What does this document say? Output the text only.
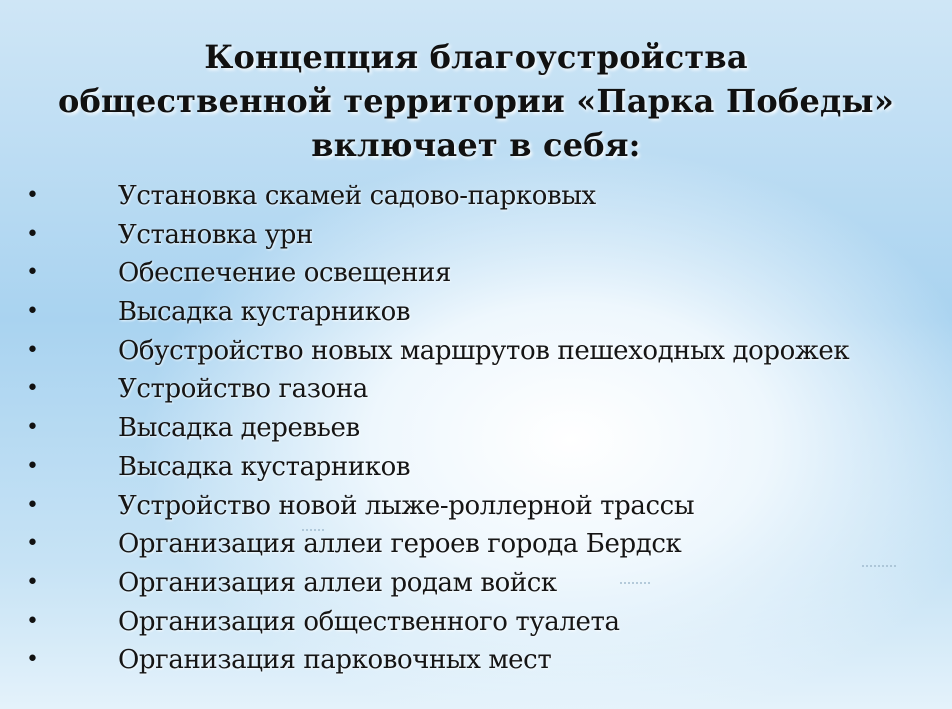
Концепция благоустройства
общественной территории «Парка Победы»
включает в себя:
•	Установка скамей садово-парковых
•	Установка урн
•	Обеспечение освещения
•	Высадка кустарников
•	Обустройство новых маршрутов пешеходных дорожек
•	Устройство газона
•	Высадка деревьев
•	Высадка кустарников
•	Устройство новой лыже-роллерной трассы
•	Организация аллеи героев города Бердск
•	Организация аллеи родам войск
•	Организация общественного туалета
•	Организация парковочных мест
